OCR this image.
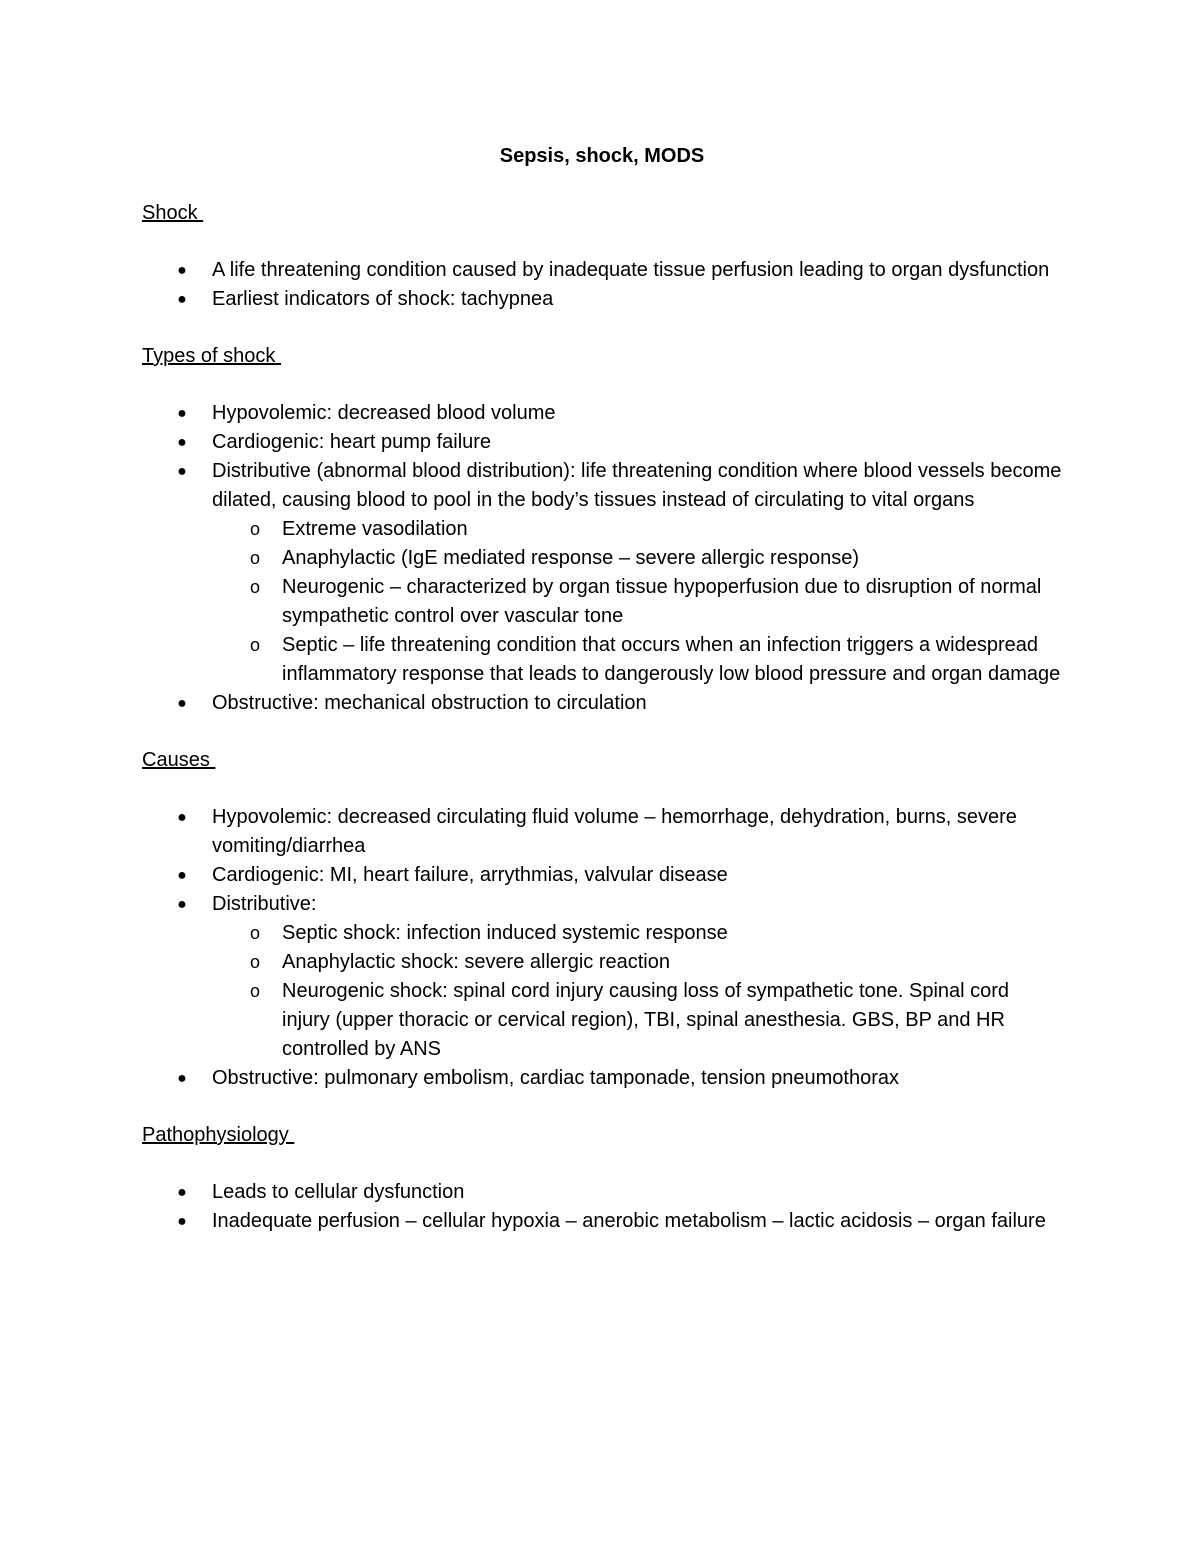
Sepsis, shock, MODS

Shock

● A life threatening condition caused by inadequate tissue perfusion leading to organ dysfunction
● Earliest indicators of shock: tachypnea

Types of shock

● Hypovolemic: decreased blood volume
● Cardiogenic: heart pump failure
● Distributive (abnormal blood distribution): life threatening condition where blood vessels become dilated, causing blood to pool in the body’s tissues instead of circulating to vital organs
o Extreme vasodilation
o Anaphylactic (IgE mediated response – severe allergic response)
o Neurogenic – characterized by organ tissue hypoperfusion due to disruption of normal sympathetic control over vascular tone
o Septic – life threatening condition that occurs when an infection triggers a widespread inflammatory response that leads to dangerously low blood pressure and organ damage
● Obstructive: mechanical obstruction to circulation

Causes

● Hypovolemic: decreased circulating fluid volume – hemorrhage, dehydration, burns, severe vomiting/diarrhea
● Cardiogenic: MI, heart failure, arrythmias, valvular disease
● Distributive:
o Septic shock: infection induced systemic response
o Anaphylactic shock: severe allergic reaction
o Neurogenic shock: spinal cord injury causing loss of sympathetic tone. Spinal cord injury (upper thoracic or cervical region), TBI, spinal anesthesia. GBS, BP and HR controlled by ANS
● Obstructive: pulmonary embolism, cardiac tamponade, tension pneumothorax

Pathophysiology

● Leads to cellular dysfunction
● Inadequate perfusion – cellular hypoxia – anerobic metabolism – lactic acidosis – organ failure
